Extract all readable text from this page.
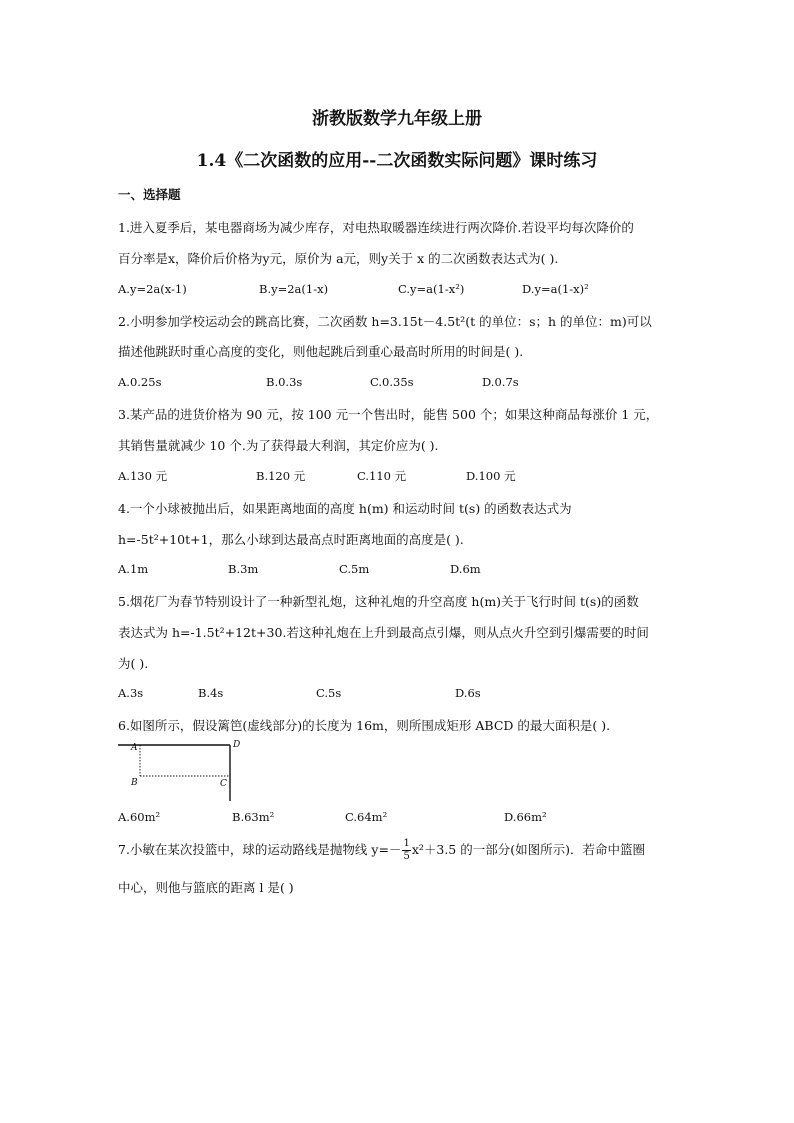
浙教版数学九年级上册
1.4《二次函数的应用--二次函数实际问题》课时练习
一、选择题
1.进入夏季后，某电器商场为减少库存，对电热取暖器连续进行两次降价.若设平均每次降价的
百分率是x，降价后价格为y元，原价为 a元，则y关于 x 的二次函数表达式为( ).
A.y=2a(x-1)	B.y=2a(1-x)	C.y=a(1-x²)	D.y=a(1-x)²
2.小明参加学校运动会的跳高比赛，二次函数 h=3.15t－4.5t²(t 的单位：s；h 的单位：m)可以
描述他跳跃时重心高度的变化，则他起跳后到重心最高时所用的时间是( ).
A.0.25s	B.0.3s	C.0.35s	D.0.7s
3.某产品的进货价格为 90 元，按 100 元一个售出时，能售 500 个；如果这种商品每涨价 1 元，
其销售量就减少 10 个.为了获得最大利润，其定价应为( ).
A.130 元	B.120 元	C.110 元	D.100 元
4.一个小球被抛出后，如果距离地面的高度 h(m) 和运动时间 t(s) 的函数表达式为
h=-5t²+10t+1，那么小球到达最高点时距离地面的高度是( ).
A.1m	B.3m	C.5m	D.6m
5.烟花厂为春节特别设计了一种新型礼炮，这种礼炮的升空高度 h(m)关于飞行时间 t(s)的函数
表达式为 h=-1.5t²+12t+30.若这种礼炮在上升到最高点引爆，则从点火升空到引爆需要的时间
为( ).
A.3s	B.4s	C.5s	D.6s
6.如图所示，假设篱笆(虚线部分)的长度为 16m，则所围成矩形 ABCD 的最大面积是( ).
A
B	C
D
A.60m²	B.63m²	C.64m²	D.66m²
7.小敏在某次投篮中，球的运动路线是抛物线 $y=- \frac{1}{5} x^2+3.5$ 的一部分(如图所示)．若命中篮圈
中心，则他与篮底的距离 l 是( )
